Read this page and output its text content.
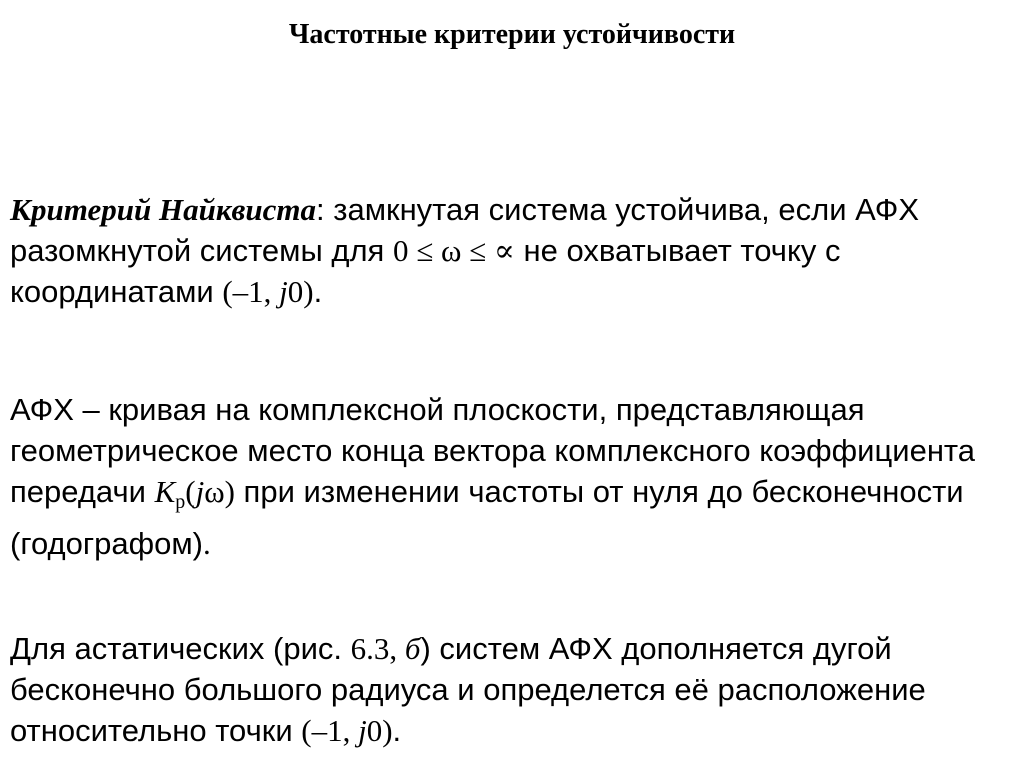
Частотные критерии устойчивости
Критерий Найквиста: замкнутая система устойчива, если АФХ
разомкнутой системы для 0 ≤ ω ≤ ∝ не охватывает точку с
координатами (–1, j0).
АФХ – кривая на комплексной плоскости, представляющая
геометрическое место конца вектора комплексного коэффициента
передачи $K_р(j\omega)$ при изменении частоты от нуля до бесконечности
(годографом).
Для астатических (рис. 6.3, б) систем АФХ дополняется дугой
бесконечно большого радиуса и определется её расположение
относительно точки (–1, j0).
